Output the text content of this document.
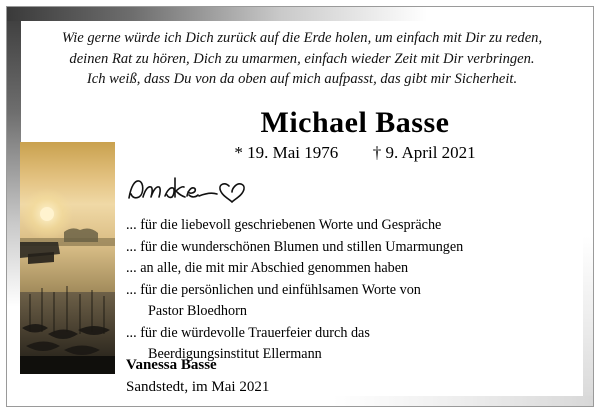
Wie gerne würde ich Dich zurück auf die Erde holen, um einfach mit Dir zu reden,
deinen Rat zu hören, Dich zu umarmen, einfach wieder Zeit mit Dir verbringen.
Ich weiß, dass Du von da oben auf mich aufpasst, das gibt mir Sicherheit.
Michael Basse
* 19. Mai 1976 † 9. April 2021
... für die liebevoll geschriebenen Worte und Gespräche
... für die wunderschönen Blumen und stillen Umarmungen
... an alle, die mit mir Abschied genommen haben
... für die persönlichen und einfühlsamen Worte von
Pastor Bloedhorn
... für die würdevolle Trauerfeier durch das
Beerdigungsinstitut Ellermann
Vanessa Basse
Sandstedt, im Mai 2021
